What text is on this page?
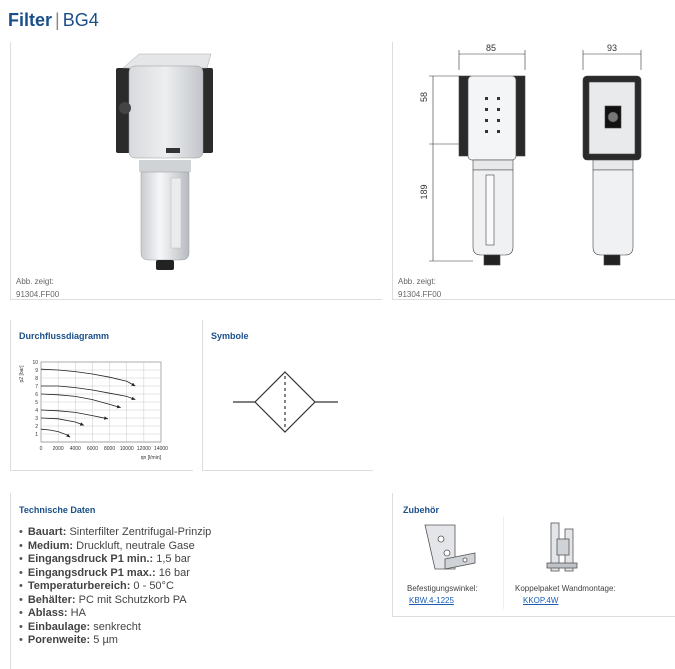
Filter | BG4
Abb. zeigt:
91304.FF00
85	93
58
189
Abb. zeigt:
91304.FF00
Durchflussdiagramm
0 2000 4000 6000 8000 10000 12000 14000
1
2
3
4
5
6
7
8
9
10
p2 [bar]
qn [l/min]
Symbole
Technische Daten
• Bauart: Sinterfilter Zentrifugal-Prinzip
• Medium: Druckluft, neutrale Gase
• Eingangsdruck P1 min.: 1,5 bar
• Eingangsdruck P1 max.: 16 bar
• Temperaturbereich: 0 - 50°C
• Behälter: PC mit Schutzkorb PA
• Ablass: HA
• Einbaulage: senkrecht
• Porenweite: 5 µm
Zubehör
Befestigungswinkel:
KBW.4-1225
Koppelpaket Wandmontage:
KKOP.4W
